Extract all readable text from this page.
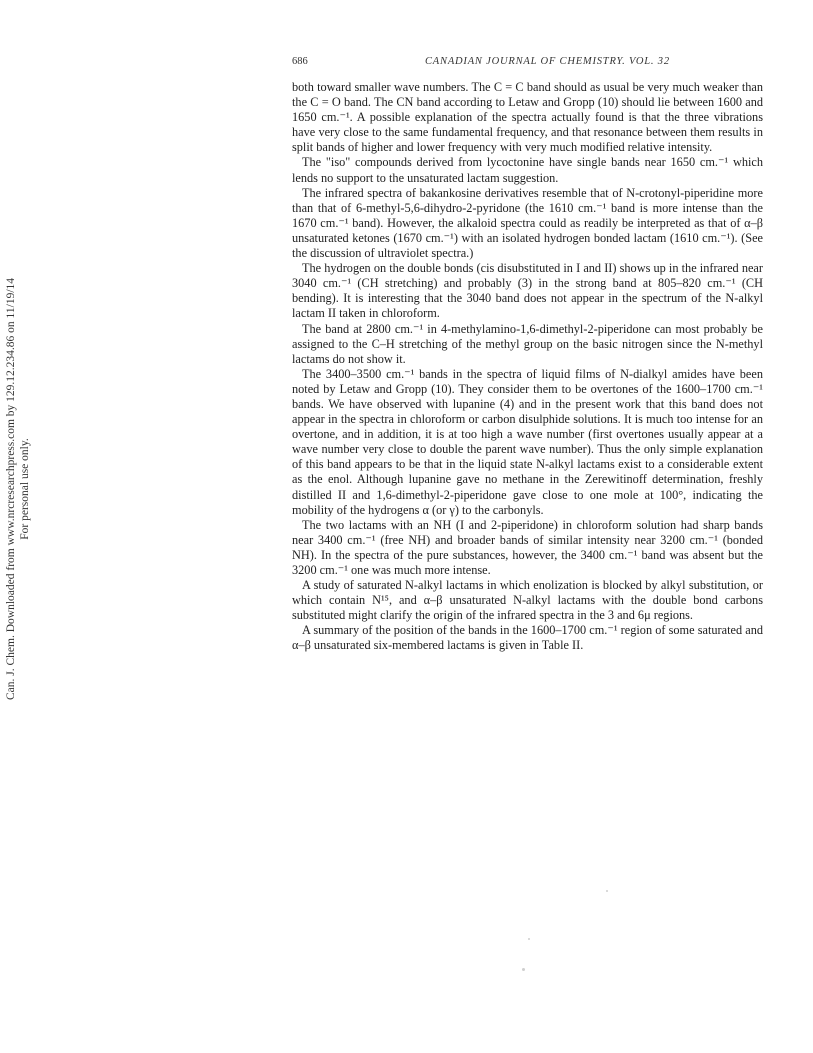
686	CANADIAN JOURNAL OF CHEMISTRY. VOL. 32

both toward smaller wave numbers. The C = C band should as usual be very much weaker than the C = O band. The CN band according to Letaw and Gropp (10) should lie between 1600 and 1650 cm.⁻¹. A possible explanation of the spectra actually found is that the three vibrations have very close to the same fundamental frequency, and that resonance between them results in split bands of higher and lower frequency with very much modified relative intensity.

The "iso" compounds derived from lycoctonine have single bands near 1650 cm.⁻¹ which lends no support to the unsaturated lactam suggestion.

The infrared spectra of bakankosine derivatives resemble that of N-crotonyl-piperidine more than that of 6-methyl-5,6-dihydro-2-pyridone (the 1610 cm.⁻¹ band is more intense than the 1670 cm.⁻¹ band). However, the alkaloid spectra could as readily be interpreted as that of α–β unsaturated ketones (1670 cm.⁻¹) with an isolated hydrogen bonded lactam (1610 cm.⁻¹). (See the discussion of ultraviolet spectra.)

The hydrogen on the double bonds (cis disubstituted in I and II) shows up in the infrared near 3040 cm.⁻¹ (CH stretching) and probably (3) in the strong band at 805–820 cm.⁻¹ (CH bending). It is interesting that the 3040 band does not appear in the spectrum of the N-alkyl lactam II taken in chloroform.

The band at 2800 cm.⁻¹ in 4-methylamino-1,6-dimethyl-2-piperidone can most probably be assigned to the C–H stretching of the methyl group on the basic nitrogen since the N-methyl lactams do not show it.

The 3400–3500 cm.⁻¹ bands in the spectra of liquid films of N-dialkyl amides have been noted by Letaw and Gropp (10). They consider them to be overtones of the 1600–1700 cm.⁻¹ bands. We have observed with lupanine (4) and in the present work that this band does not appear in the spectra in chloroform or carbon disulphide solutions. It is much too intense for an overtone, and in addition, it is at too high a wave number (first overtones usually appear at a wave number very close to double the parent wave number). Thus the only simple explanation of this band appears to be that in the liquid state N-alkyl lactams exist to a considerable extent as the enol. Although lupanine gave no methane in the Zerewitinoff determination, freshly distilled II and 1,6-dimethyl-2-piperidone gave close to one mole at 100°, indicating the mobility of the hydrogens α (or γ) to the carbonyls.

The two lactams with an NH (I and 2-piperidone) in chloroform solution had sharp bands near 3400 cm.⁻¹ (free NH) and broader bands of similar intensity near 3200 cm.⁻¹ (bonded NH). In the spectra of the pure substances, however, the 3400 cm.⁻¹ band was absent but the 3200 cm.⁻¹ one was much more intense.

A study of saturated N-alkyl lactams in which enolization is blocked by alkyl substitution, or which contain N¹⁵, and α–β unsaturated N-alkyl lactams with the double bond carbons substituted might clarify the origin of the infrared spectra in the 3 and 6μ regions.

A summary of the position of the bands in the 1600–1700 cm.⁻¹ region of some saturated and α–β unsaturated six-membered lactams is given in Table II.

Can. J. Chem. Downloaded from www.nrcresearchpress.com by 129.12.234.86 on 11/19/14 For personal use only.
